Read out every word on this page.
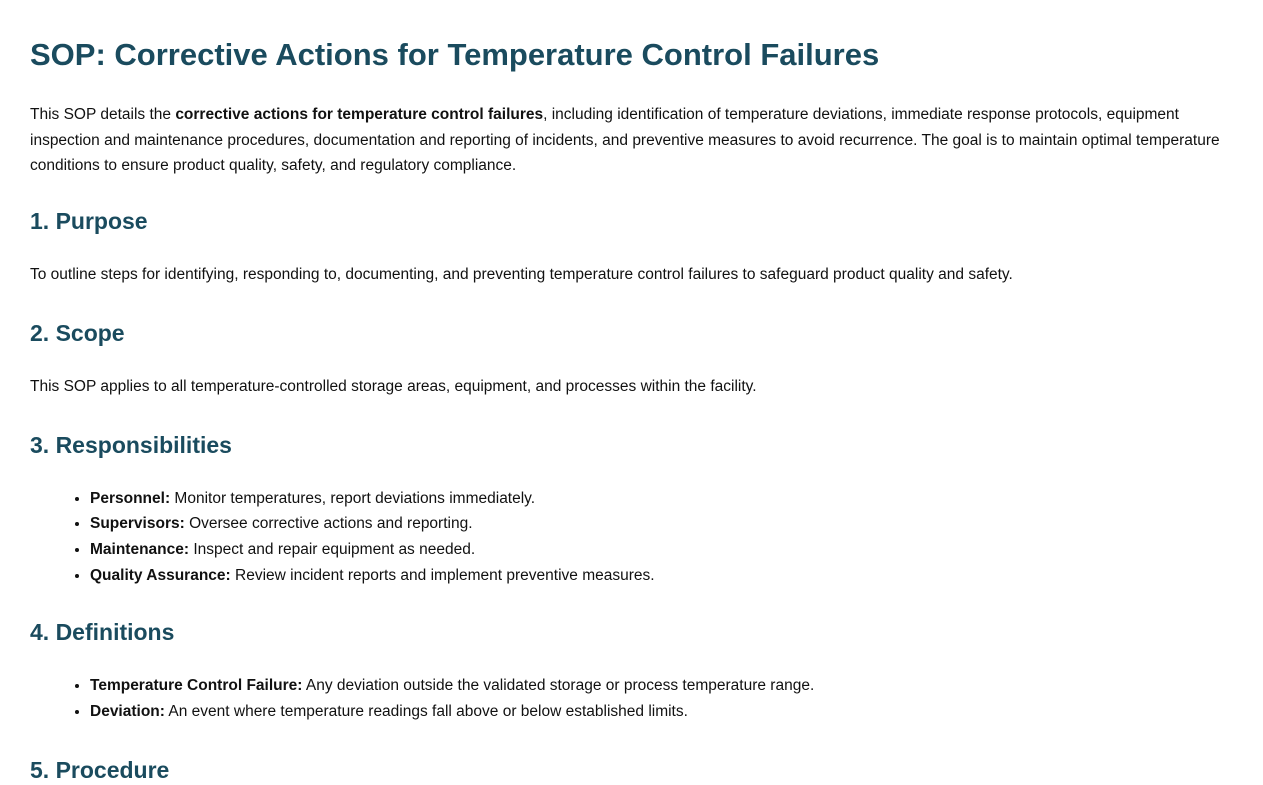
SOP: Corrective Actions for Temperature Control Failures

This SOP details the corrective actions for temperature control failures, including identification of temperature deviations, immediate response protocols, equipment inspection and maintenance procedures, documentation and reporting of incidents, and preventive measures to avoid recurrence. The goal is to maintain optimal temperature conditions to ensure product quality, safety, and regulatory compliance.

1. Purpose

To outline steps for identifying, responding to, documenting, and preventing temperature control failures to safeguard product quality and safety.

2. Scope

This SOP applies to all temperature-controlled storage areas, equipment, and processes within the facility.

3. Responsibilities
• Personnel: Monitor temperatures, report deviations immediately.
• Supervisors: Oversee corrective actions and reporting.
• Maintenance: Inspect and repair equipment as needed.
• Quality Assurance: Review incident reports and implement preventive measures.
4. Definitions
• Temperature Control Failure: Any deviation outside the validated storage or process temperature range.
• Deviation: An event where temperature readings fall above or below established limits.
5. Procedure
